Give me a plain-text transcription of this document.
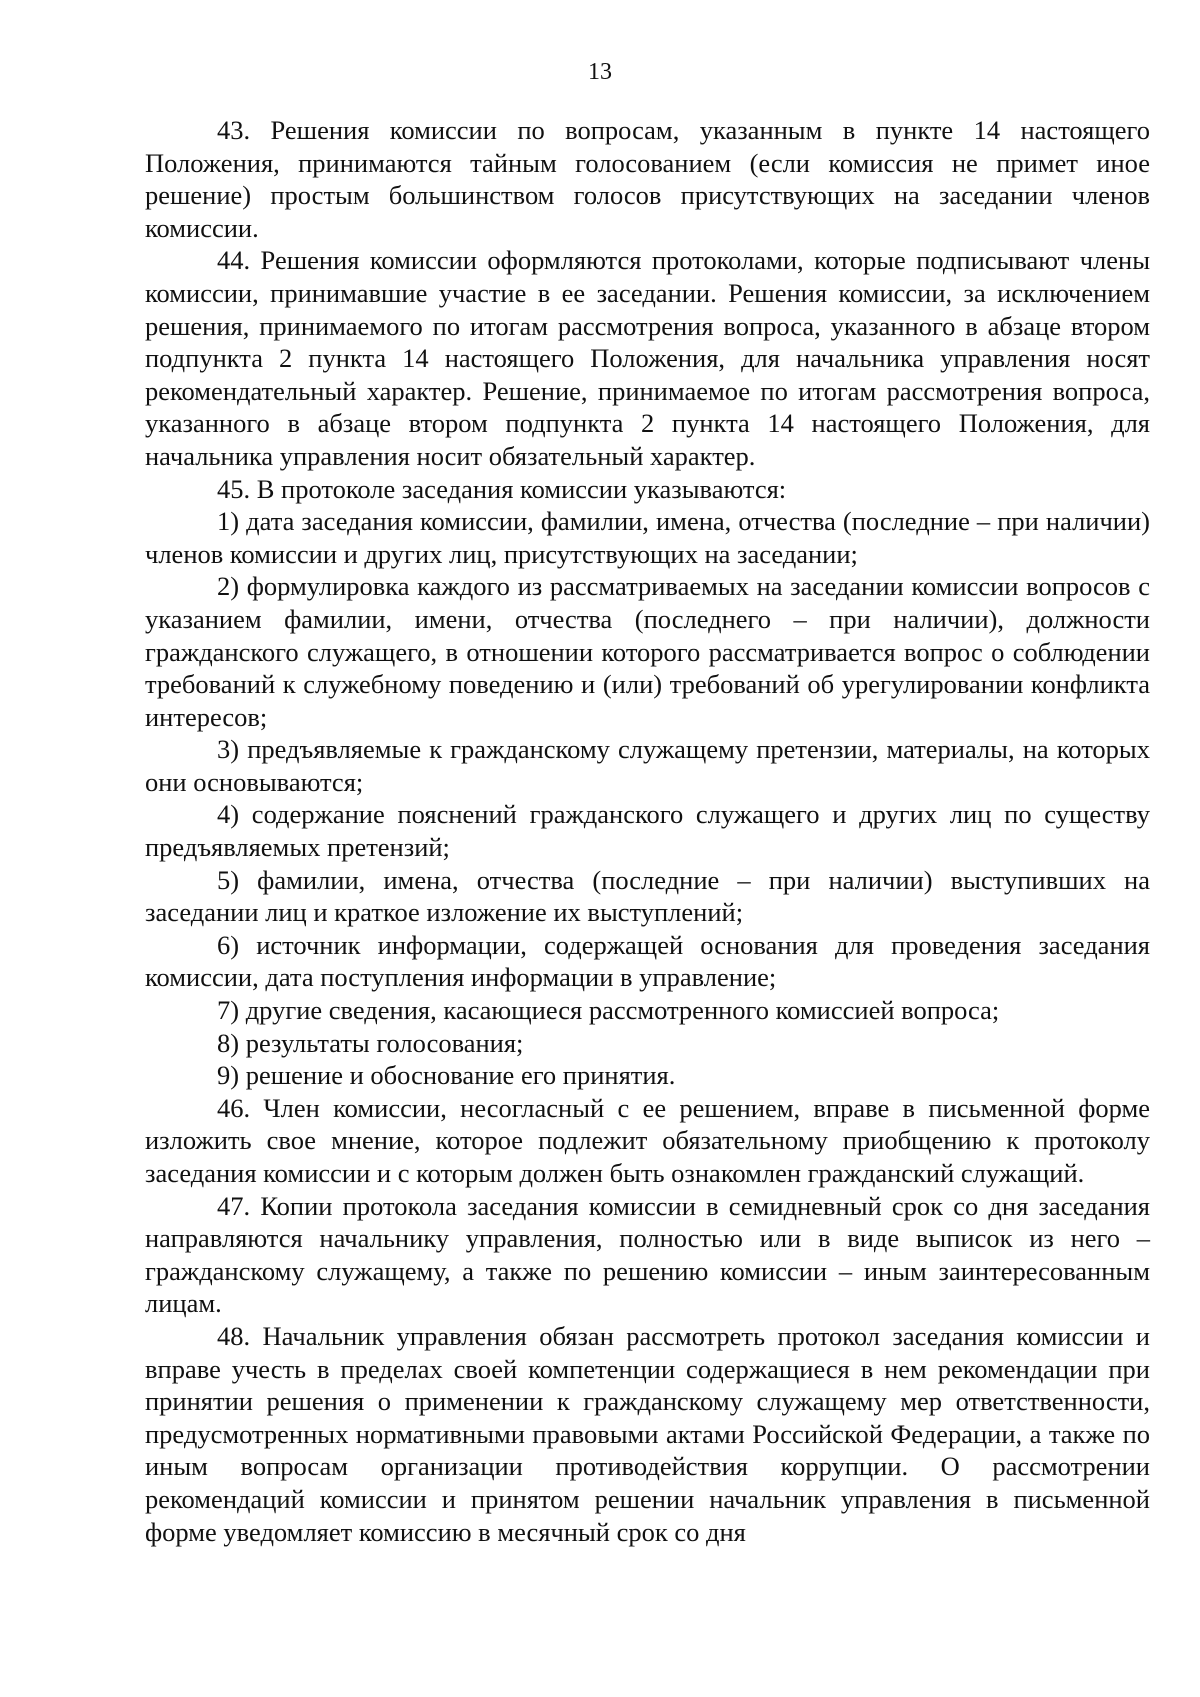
13

43. Решения комиссии по вопросам, указанным в пункте 14 настоящего Положения, принимаются тайным голосованием (если комиссия не примет иное решение) простым большинством голосов присутствующих на заседании членов комиссии.

44. Решения комиссии оформляются протоколами, которые подписывают члены комиссии, принимавшие участие в ее заседании. Решения комиссии, за исключением решения, принимаемого по итогам рассмотрения вопроса, указанного в абзаце втором подпункта 2 пункта 14 настоящего Положения, для начальника управления носят рекомендательный характер. Решение, принимаемое по итогам рассмотрения вопроса, указанного в абзаце втором подпункта 2 пункта 14 настоящего Положения, для начальника управления носит обязательный характер.

45. В протоколе заседания комиссии указываются:

1) дата заседания комиссии, фамилии, имена, отчества (последние – при наличии) членов комиссии и других лиц, присутствующих на заседании;

2) формулировка каждого из рассматриваемых на заседании комиссии вопросов с указанием фамилии, имени, отчества (последнего – при наличии), должности гражданского служащего, в отношении которого рассматривается вопрос о соблюдении требований к служебному поведению и (или) требований об урегулировании конфликта интересов;

3) предъявляемые к гражданскому служащему претензии, материалы, на которых они основываются;

4) содержание пояснений гражданского служащего и других лиц по существу предъявляемых претензий;

5) фамилии, имена, отчества (последние – при наличии) выступивших на заседании лиц и краткое изложение их выступлений;

6) источник информации, содержащей основания для проведения заседания комиссии, дата поступления информации в управление;

7) другие сведения, касающиеся рассмотренного комиссией вопроса;

8) результаты голосования;

9) решение и обоснование его принятия.

46. Член комиссии, несогласный с ее решением, вправе в письменной форме изложить свое мнение, которое подлежит обязательному приобщению к протоколу заседания комиссии и с которым должен быть ознакомлен гражданский служащий.

47. Копии протокола заседания комиссии в семидневный срок со дня заседания направляются начальнику управления, полностью или в виде выписок из него – гражданскому служащему, а также по решению комиссии – иным заинтересованным лицам.

48. Начальник управления обязан рассмотреть протокол заседания комиссии и вправе учесть в пределах своей компетенции содержащиеся в нем рекомендации при принятии решения о применении к гражданскому служащему мер ответственности, предусмотренных нормативными правовыми актами Российской Федерации, а также по иным вопросам организации противодействия коррупции. О рассмотрении рекомендаций комиссии и принятом решении начальник управления в письменной форме уведомляет комиссию в месячный срок со дня
